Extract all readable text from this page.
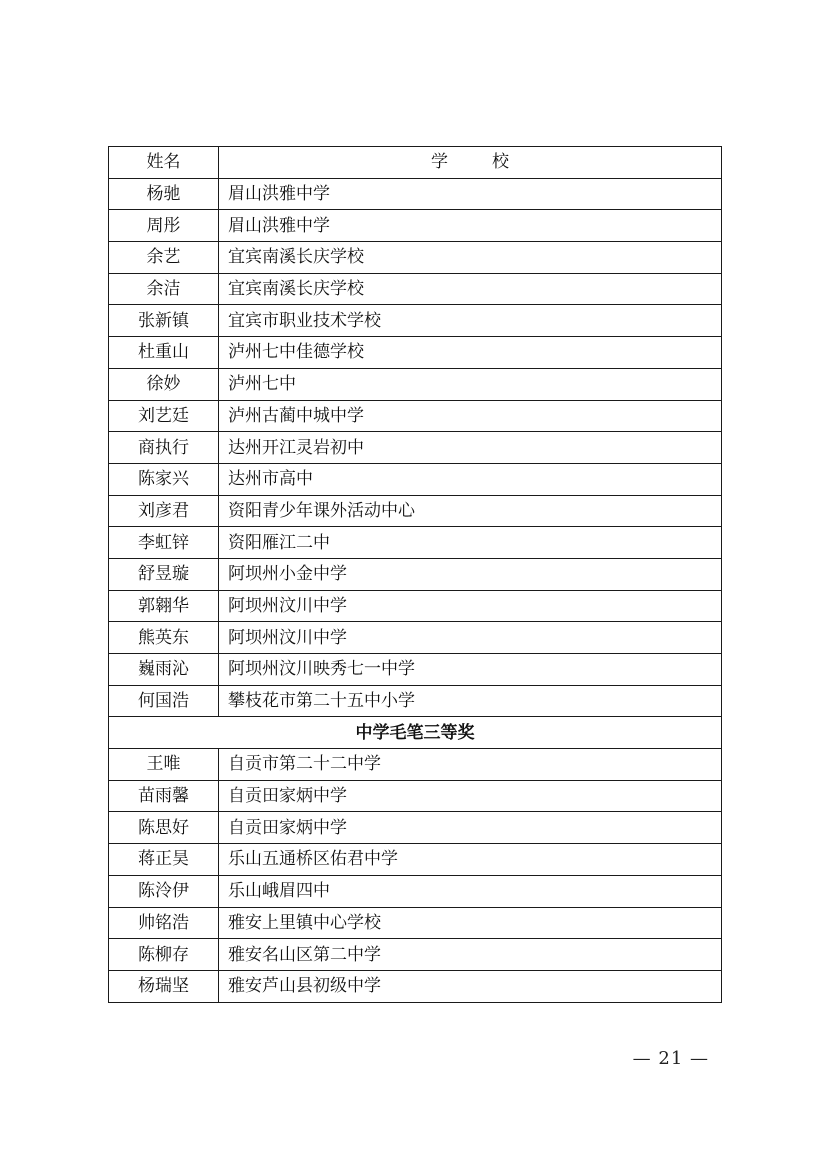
姓名	学 校
杨驰	眉山洪雅中学
周彤	眉山洪雅中学
余艺	宜宾南溪长庆学校
余洁	宜宾南溪长庆学校
张新镇	宜宾市职业技术学校
杜重山	泸州七中佳德学校
徐妙	泸州七中
刘艺廷	泸州古蔺中城中学
商执行	达州开江灵岩初中
陈家兴	达州市高中
刘彦君	资阳青少年课外活动中心
李虹锌	资阳雁江二中
舒昱璇	阿坝州小金中学
郭翱华	阿坝州汶川中学
熊英东	阿坝州汶川中学
巍雨沁	阿坝州汶川映秀七一中学
何国浩	攀枝花市第二十五中小学
中学毛笔三等奖	
王唯	自贡市第二十二中学
苗雨馨	自贡田家炳中学
陈思好	自贡田家炳中学
蒋正昊	乐山五通桥区佑君中学
陈泠伊	乐山峨眉四中
帅铭浩	雅安上里镇中心学校
陈柳存	雅安名山区第二中学
杨瑞坚	雅安芦山县初级中学
— 21 —
